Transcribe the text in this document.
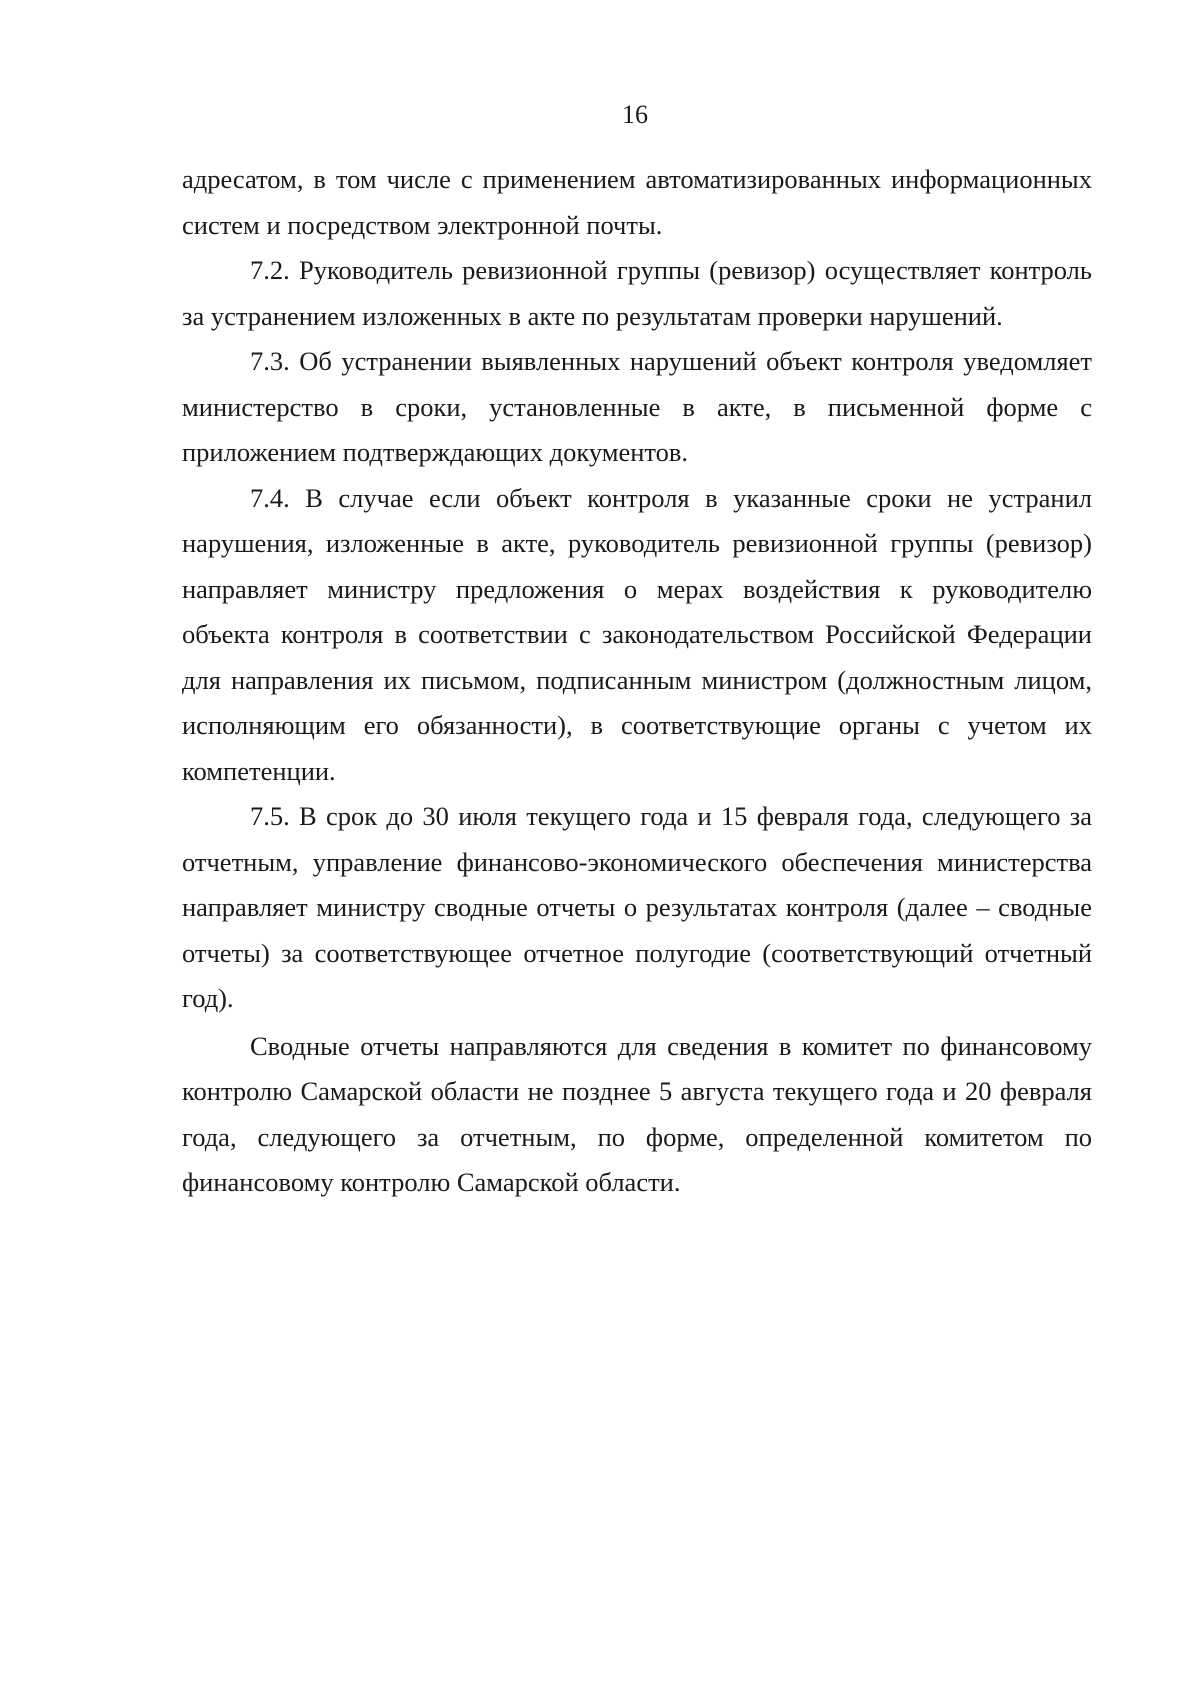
16

адресатом, в том числе с применением автоматизированных информационных систем и посредством электронной почты.

7.2. Руководитель ревизионной группы (ревизор) осуществляет контроль за устранением изложенных в акте по результатам проверки нарушений.

7.3. Об устранении выявленных нарушений объект контроля уведомляет министерство в сроки, установленные в акте, в письменной форме с приложением подтверждающих документов.

7.4. В случае если объект контроля в указанные сроки не устранил нарушения, изложенные в акте, руководитель ревизионной группы (ревизор) направляет министру предложения о мерах воздействия к руководителю объекта контроля в соответствии с законодательством Российской Федерации для направления их письмом, подписанным министром (должностным лицом, исполняющим его обязанности), в соответствующие органы с учетом их компетенции.

7.5. В срок до 30 июля текущего года и 15 февраля года, следующего за отчетным, управление финансово-экономического обеспечения министерства направляет министру сводные отчеты о результатах контроля (далее – сводные отчеты) за соответствующее отчетное полугодие (соответствующий отчетный год).

Сводные отчеты направляются для сведения в комитет по финансовому контролю Самарской области не позднее 5 августа текущего года и 20 февраля года, следующего за отчетным, по форме, определенной комитетом по финансовому контролю Самарской области.
